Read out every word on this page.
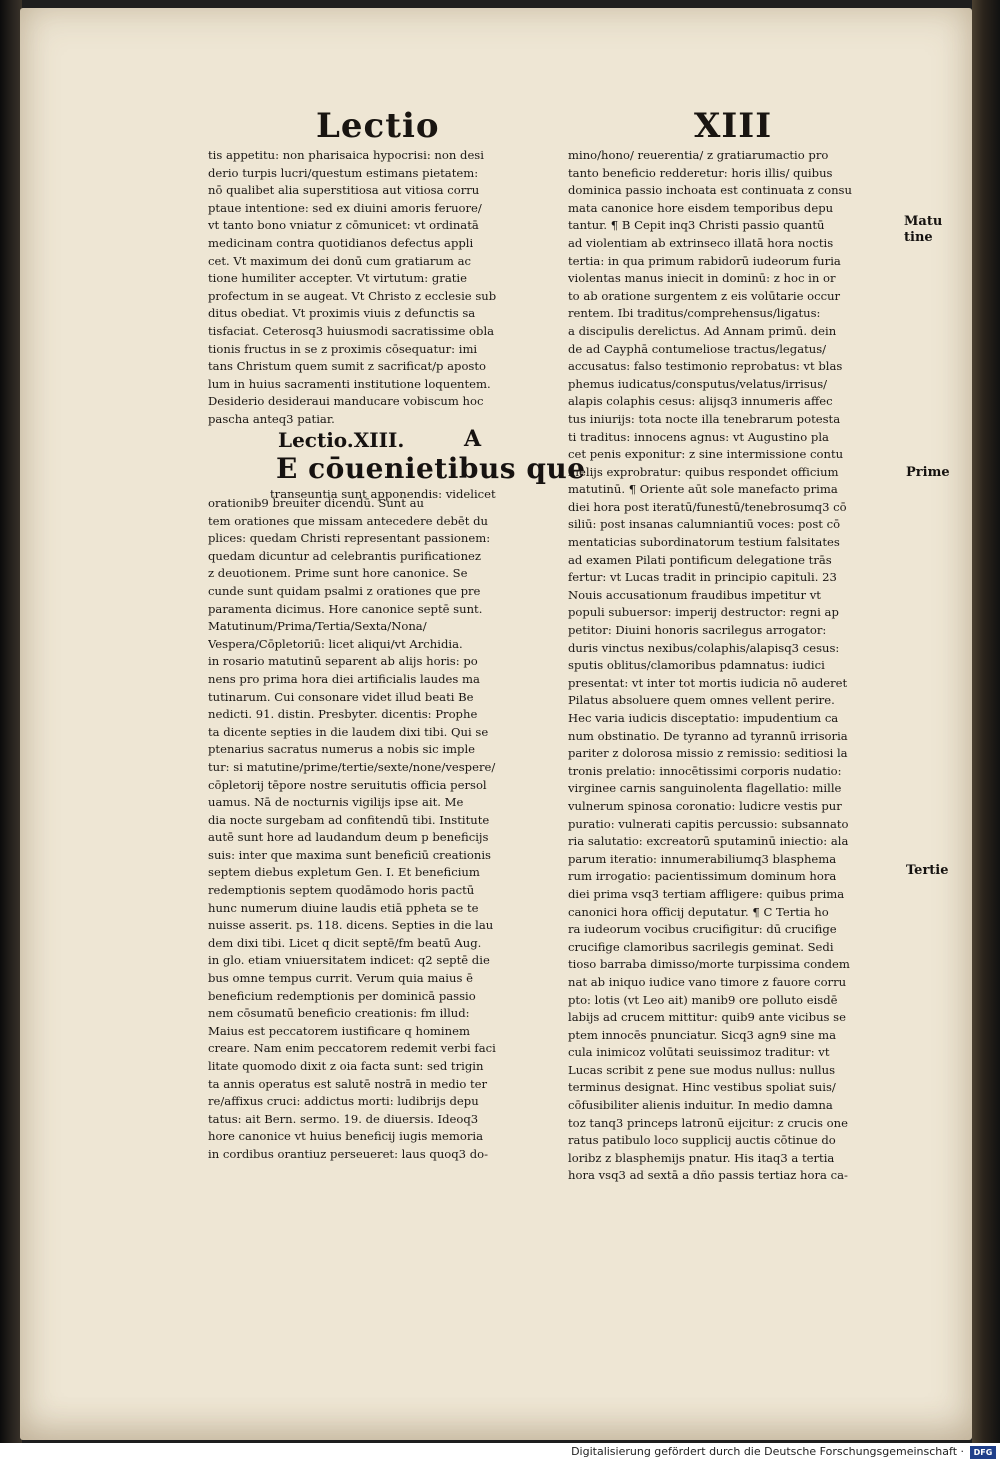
Lectio	XIII
tis appetitu: non pharisaica hypocrisi: non desi
derio turpis lucri/questum estimans pietatem:
nō qualibet alia superstitiosa aut vitiosa corru
ptaue intentione: sed ex diuini amoris feruore/
vt tanto bono vniatur z cōmunicet: vt ordinatā
medicinam contra quotidianos defectus appli
cet. Vt maximum dei donū cum gratiarum ac
tione humiliter accepter. Vt virtutum: gratie
profectum in se augeat. Vt Christo z ecclesie sub
ditus obediat. Vt proximis viuis z defunctis sa
tisfaciat. Ceterosq3 huiusmodi sacratissime obla
tionis fructus in se z proximis cōsequatur: imi
tans Christum quem sumit z sacrificat/p aposto
lum in huius sacramenti institutione loquentem.
Desiderio desideraui manducare vobiscum hoc
pascha anteq3 patiar.
Lectio.XIII.	A
E cōuenietibus que
transeuntia sunt apponendis: videlicet
orationib9 breuiter dicendū. Sunt au
tem orationes que missam antecedere debēt du
plices: quedam Christi representant passionem:
quedam dicuntur ad celebrantis purificationez
z deuotionem. Prime sunt hore canonice. Se
cunde sunt quidam psalmi z orationes que pre
paramenta dicimus. Hore canonice septē sunt.
Matutinum/Prima/Tertia/Sexta/Nona/
Vespera/Cōpletoriū: licet aliqui/vt Archidia.
in rosario matutinū separent ab alijs horis: po
nens pro prima hora diei artificialis laudes ma
tutinarum. Cui consonare videt illud beati Be
nedicti. 91. distin. Presbyter. dicentis: Prophe
ta dicente septies in die laudem dixi tibi. Qui se
ptenarius sacratus numerus a nobis sic imple
tur: si matutine/prime/tertie/sexte/none/vespere/
cōpletorij tēpore nostre seruitutis officia persol
uamus. Nā de nocturnis vigilijs ipse ait. Me
dia nocte surgebam ad confitendū tibi. Institute
autē sunt hore ad laudandum deum p beneficijs
suis: inter que maxima sunt beneficiū creationis
septem diebus expletum Gen. I. Et beneficium
redemptionis septem quodāmodo horis pactū
hunc numerum diuine laudis etiā ppheta se te
nuisse asserit. ps. 118. dicens. Septies in die lau
dem dixi tibi. Licet q dicit septē/fm beatū Aug.
in glo. etiam vniuersitatem indicet: q2 septē die
bus omne tempus currit. Verum quia maius ē
beneficium redemptionis per dominicā passio
nem cōsumatū beneficio creationis: fm illud:
Maius est peccatorem iustificare q hominem
creare. Nam enim peccatorem redemit verbi faci
litate quomodo dixit z oia facta sunt: sed trigin
ta annis operatus est salutē nostrā in medio ter
re/affixus cruci: addictus morti: ludibrijs depu
tatus: ait Bern. sermo. 19. de diuersis. Ideoq3
hore canonice vt huius beneficij iugis memoria
in cordibus orantiuz perseueret: laus quoq3 do-
mino/hono/ reuerentia/ z gratiarumactio pro
tanto beneficio redderetur: horis illis/ quibus
dominica passio inchoata est continuata z consu
mata canonice hore eisdem temporibus depu
tantur. ¶ B Cepit inq3 Christi passio quantū
ad violentiam ab extrinseco illatā hora noctis
tertia: in qua primum rabidorū iudeorum furia
violentas manus iniecit in dominū: z hoc in or
to ab oratione surgentem z eis volūtarie occur
rentem. Ibi traditus/comprehensus/ligatus:
a discipulis derelictus. Ad Annam primū. dein
de ad Cayphā contumeliose tractus/legatus/
accusatus: falso testimonio reprobatus: vt blas
phemus iudicatus/consputus/velatus/irrisus/
alapis colaphis cesus: alijsq3 innumeris affec
tus iniurijs: tota nocte illa tenebrarum potesta
ti traditus: innocens agnus: vt Augustino pla
cet penis exponitur: z sine intermissione contu
melijs exprobratur: quibus respondet officium
matutinū. ¶ Oriente aūt sole manefacto prima
diei hora post iteratū/funestū/tenebrosumq3 cō
siliū: post insanas calumniantiū voces: post cō
mentaticias subordinatorum testium falsitates
ad examen Pilati pontificum delegatione trās
fertur: vt Lucas tradit in principio capituli. 23
Nouis accusationum fraudibus impetitur vt
populi subuersor: imperij destructor: regni ap
petitor: Diuini honoris sacrilegus arrogator:
duris vinctus nexibus/colaphis/alapisq3 cesus:
sputis oblitus/clamoribus pdamnatus: iudici
presentat: vt inter tot mortis iudicia nō auderet
Pilatus absoluere quem omnes vellent perire.
Hec varia iudicis disceptatio: impudentium ca
num obstinatio. De tyranno ad tyrannū irrisoria
pariter z dolorosa missio z remissio: seditiosi la
tronis prelatio: innocētissimi corporis nudatio:
virginee carnis sanguinolenta flagellatio: mille
vulnerum spinosa coronatio: ludicre vestis pur
puratio: vulnerati capitis percussio: subsannato
ria salutatio: excreatorū sputaminū iniectio: ala
parum iteratio: innumerabiliumq3 blasphema
rum irrogatio: pacientissimum dominum hora
diei prima vsq3 tertiam affligere: quibus prima
canonici hora officij deputatur. ¶ C Tertia ho
ra iudeorum vocibus crucifigitur: dū crucifige
crucifige clamoribus sacrilegis geminat. Sedi
tioso barraba dimisso/morte turpissima condem
nat ab iniquo iudice vano timore z fauore corru
pto: lotis (vt Leo ait) manib9 ore polluto eisdē
labijs ad crucem mittitur: quib9 ante vicibus se
ptem innocēs pnunciatur. Sicq3 agn9 sine ma
cula inimicoz volūtati seuissimoz traditur: vt
Lucas scribit z pene sue modus nullus: nullus
terminus designat. Hinc vestibus spoliat suis/
cōfusibiliter alienis induitur. In medio damna
toz tanq3 princeps latronū eijcitur: z crucis one
ratus patibulo loco supplicij auctis cōtinue do
loribz z blasphemijs pnatur. His itaq3 a tertia
hora vsq3 ad sextā a dño passis tertiaz hora ca-
Matu
tine
Prime
Tertie
Digitalisierung gefördert durch die Deutsche Forschungsgemeinschaft ·	DFG
